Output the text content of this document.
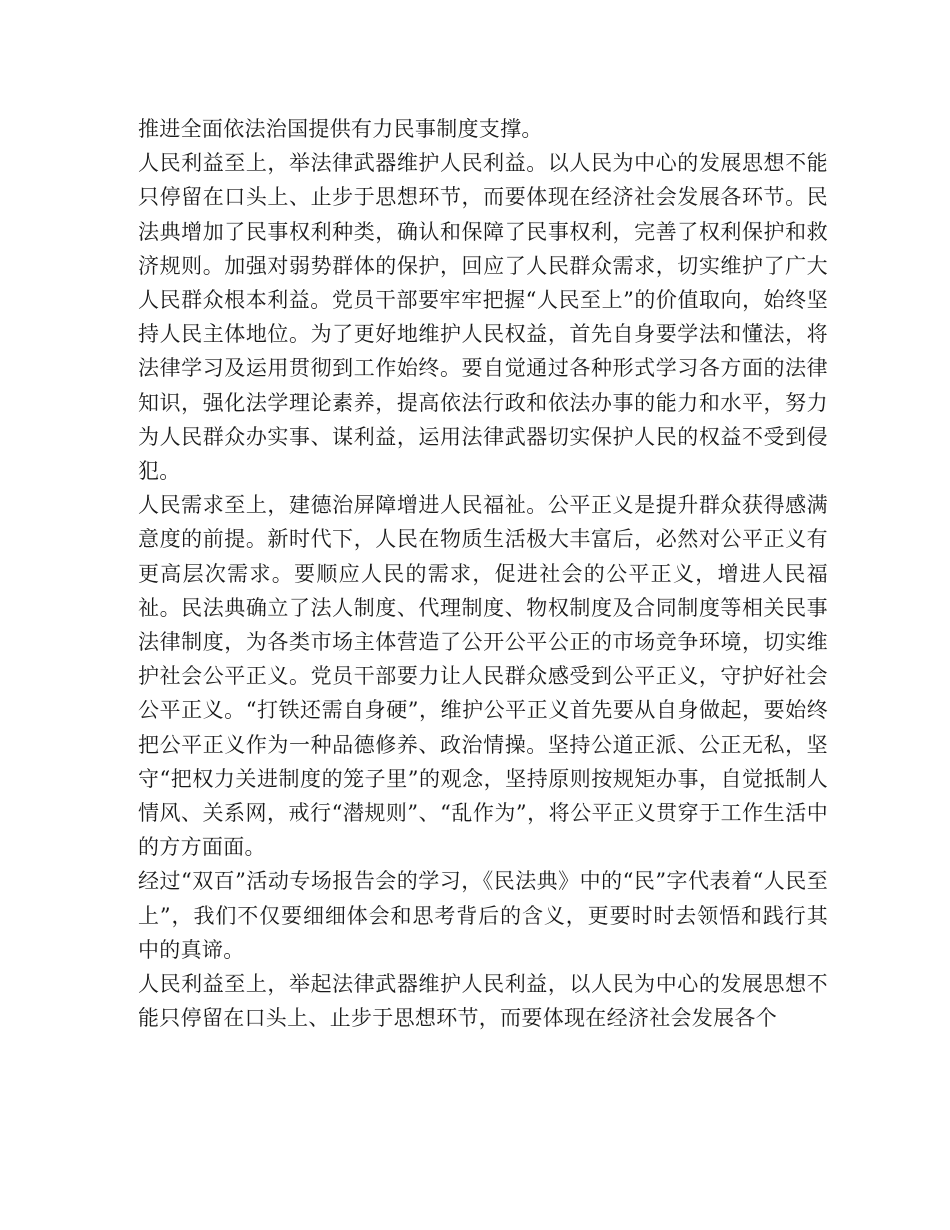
推进全面依法治国提供有力民事制度支撑。

人民利益至上，举法律武器维护人民利益。以人民为中心的发展思想不能只停留在口头上、止步于思想环节，而要体现在经济社会发展各环节。民法典增加了民事权利种类，确认和保障了民事权利，完善了权利保护和救济规则。加强对弱势群体的保护，回应了人民群众需求，切实维护了广大人民群众根本利益。党员干部要牢牢把握“人民至上”的价值取向，始终坚持人民主体地位。为了更好地维护人民权益，首先自身要学法和懂法，将法律学习及运用贯彻到工作始终。要自觉通过各种形式学习各方面的法律知识，强化法学理论素养，提高依法行政和依法办事的能力和水平，努力为人民群众办实事、谋利益，运用法律武器切实保护人民的权益不受到侵犯。

人民需求至上，建德治屏障增进人民福祉。公平正义是提升群众获得感满意度的前提。新时代下，人民在物质生活极大丰富后，必然对公平正义有更高层次需求。要顺应人民的需求，促进社会的公平正义，增进人民福祉。民法典确立了法人制度、代理制度、物权制度及合同制度等相关民事法律制度，为各类市场主体营造了公开公平公正的市场竞争环境，切实维护社会公平正义。党员干部要力让人民群众感受到公平正义，守护好社会公平正义。“打铁还需自身硬”，维护公平正义首先要从自身做起，要始终把公平正义作为一种品德修养、政治情操。坚持公道正派、公正无私，坚守“把权力关进制度的笼子里”的观念，坚持原则按规矩办事，自觉抵制人情风、关系网，戒行“潜规则”、“乱作为”，将公平正义贯穿于工作生活中的方方面面。

经过“双百”活动专场报告会的学习，《民法典》中的“民”字代表着“人民至上”，我们不仅要细细体会和思考背后的含义，更要时时去领悟和践行其中的真谛。

人民利益至上，举起法律武器维护人民利益，以人民为中心的发展思想不能只停留在口头上、止步于思想环节，而要体现在经济社会发展各个
